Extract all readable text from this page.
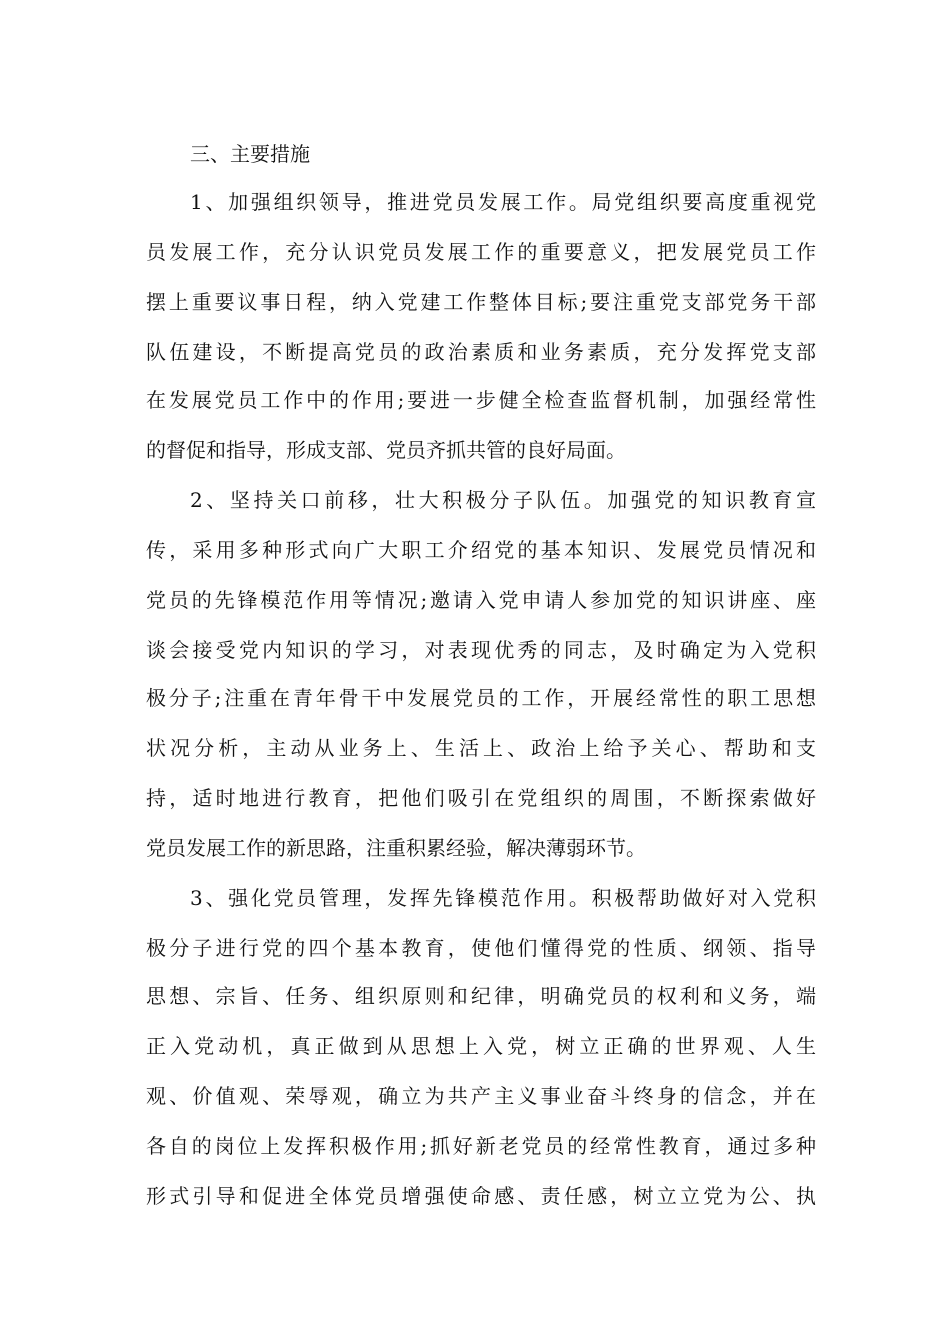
三、主要措施
1、加强组织领导，推进党员发展工作。局党组织要高度重视党
员发展工作，充分认识党员发展工作的重要意义，把发展党员工作
摆上重要议事日程，纳入党建工作整体目标;要注重党支部党务干部
队伍建设，不断提高党员的政治素质和业务素质，充分发挥党支部
在发展党员工作中的作用;要进一步健全检查监督机制，加强经常性
的督促和指导，形成支部、党员齐抓共管的良好局面。
2、坚持关口前移，壮大积极分子队伍。加强党的知识教育宣
传，采用多种形式向广大职工介绍党的基本知识、发展党员情况和
党员的先锋模范作用等情况;邀请入党申请人参加党的知识讲座、座
谈会接受党内知识的学习，对表现优秀的同志，及时确定为入党积
极分子;注重在青年骨干中发展党员的工作，开展经常性的职工思想
状况分析，主动从业务上、生活上、政治上给予关心、帮助和支
持，适时地进行教育，把他们吸引在党组织的周围，不断探索做好
党员发展工作的新思路，注重积累经验，解决薄弱环节。
3、强化党员管理，发挥先锋模范作用。积极帮助做好对入党积
极分子进行党的四个基本教育，使他们懂得党的性质、纲领、指导
思想、宗旨、任务、组织原则和纪律，明确党员的权利和义务，端
正入党动机，真正做到从思想上入党，树立正确的世界观、人生
观、价值观、荣辱观，确立为共产主义事业奋斗终身的信念，并在
各自的岗位上发挥积极作用;抓好新老党员的经常性教育，通过多种
形式引导和促进全体党员增强使命感、责任感，树立立党为公、执
